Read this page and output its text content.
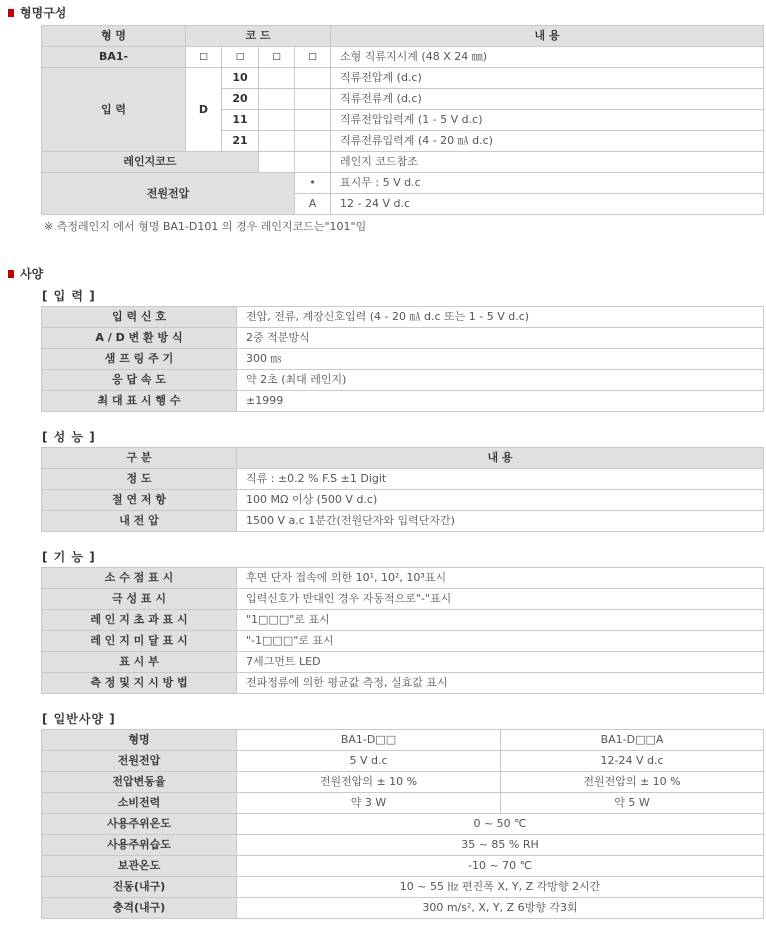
형명구성
형 명	코 드				내 용
BA1-	□	□	□	□	소형 직류지시계 (48 X 24 ㎜)
입 력	D	10			직류전압계 (d.c)
		20			직류전류계 (d.c)
		11			직류전압입력계 (1 - 5 V d.c)
		21			직류전류입력계 (4 - 20 ㎃ d.c)
레인지코드					레인지 코드참조
전원전압				•	표시무 : 5 V d.c
				A	12 - 24 V d.c
※ 측정레인지 에서 형명 BA1-D101 의 경우 레인지코드는"101"임
사양
[ 입 력 ]
입 력 신 호	전압, 전류, 계장신호입력 (4 - 20 ㎃ d.c 또는 1 - 5 V d.c)
A / D 변 환 방 식	2중 적분방식
샘 프 링 주 기	300 ㎳
응 답 속 도	약 2초 (최대 레인지)
최 대 표 시 행 수	±1999
[ 성 능 ]
구 분	내 용
정 도	직류 : ±0.2 % F.S ±1 Digit
절 연 저 항	100 MΩ 이상 (500 V d.c)
내 전 압	1500 V a.c 1분간(전원단자와 입력단자간)
[ 기 능 ]
소 수 점 표 시	후면 단자 접속에 의한 10¹, 10², 10³표시
극 성 표 시	입력신호가 반대인 경우 자동적으로"-"표시
레 인 지 초 과 표 시	"1□□□"로 표시
레 인 지 미 달 표 시	"-1□□□"로 표시
표 시 부	7세그먼트 LED
측 정 및 지 시 방 법	전파정류에 의한 평균값 측정, 실효값 표시
[ 일반사양 ]
형명	BA1-D□□	BA1-D□□A
전원전압	5 V d.c	12-24 V d.c
전압변동율	전원전압의 ± 10 %	전원전압의 ± 10 %
소비전력	약 3 W	약 5 W
사용주위온도	0 ~ 50 ℃	
사용주위습도	35 ~ 85 % RH	
보관온도	-10 ~ 70 ℃	
진동(내구)	10 ~ 55 ㎐ 편진폭 X, Y, Z 각방향 2시간	
충격(내구)	300 m/s², X, Y, Z 6방향 각3회	
